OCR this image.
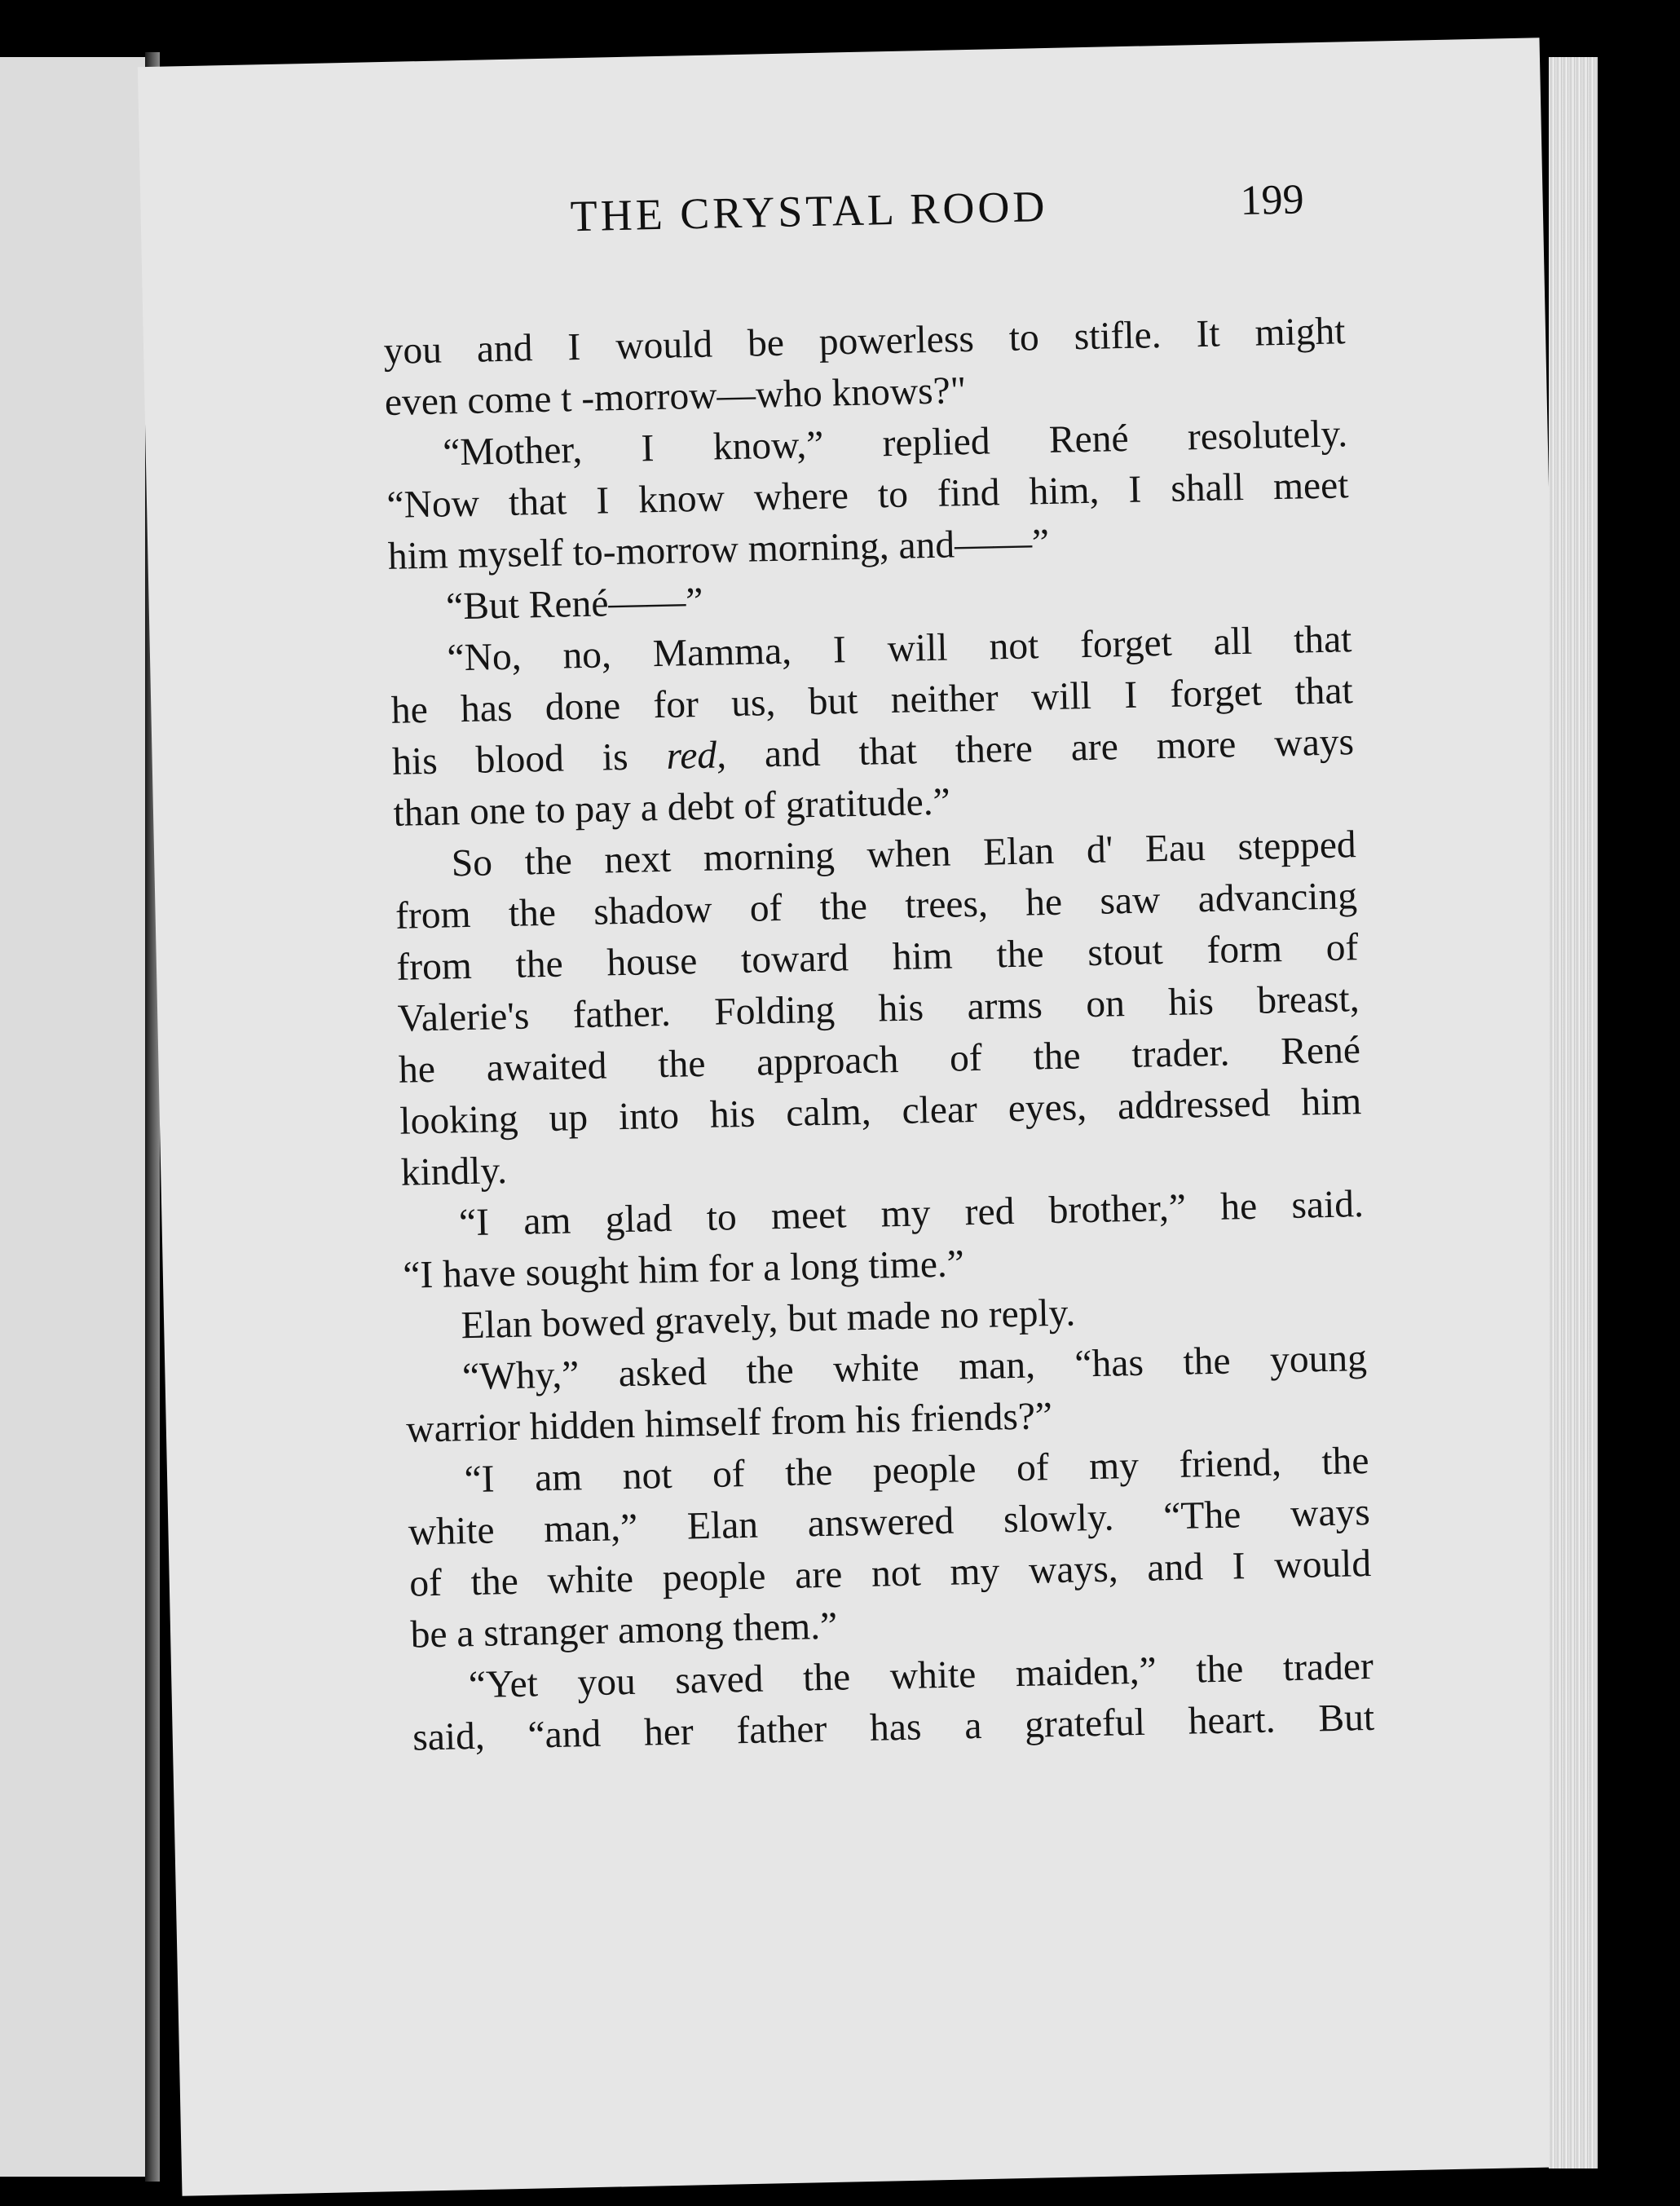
THE CRYSTAL ROOD	199
you and I would be powerless to stifle. It might
even come t -morrow—who knows?"
“Mother, I know,” replied René resolutely.
“Now that I know where to find him, I shall meet
him myself to-morrow morning, and——”
“But René——”
“No, no, Mamma, I will not forget all that
he has done for us, but neither will I forget that
his blood is red, and that there are more ways
than one to pay a debt of gratitude.”
So the next morning when Elan d' Eau stepped
from the shadow of the trees, he saw advancing
from the house toward him the stout form of
Valerie's father. Folding his arms on his breast,
he awaited the approach of the trader. René
looking up into his calm, clear eyes, addressed him
kindly.
“I am glad to meet my red brother,” he said.
“I have sought him for a long time.”
Elan bowed gravely, but made no reply.
“Why,” asked the white man, “has the young
warrior hidden himself from his friends?”
“I am not of the people of my friend, the
white man,” Elan answered slowly. “The ways
of the white people are not my ways, and I would
be a stranger among them.”
“Yet you saved the white maiden,” the trader
said, “and her father has a grateful heart. But
